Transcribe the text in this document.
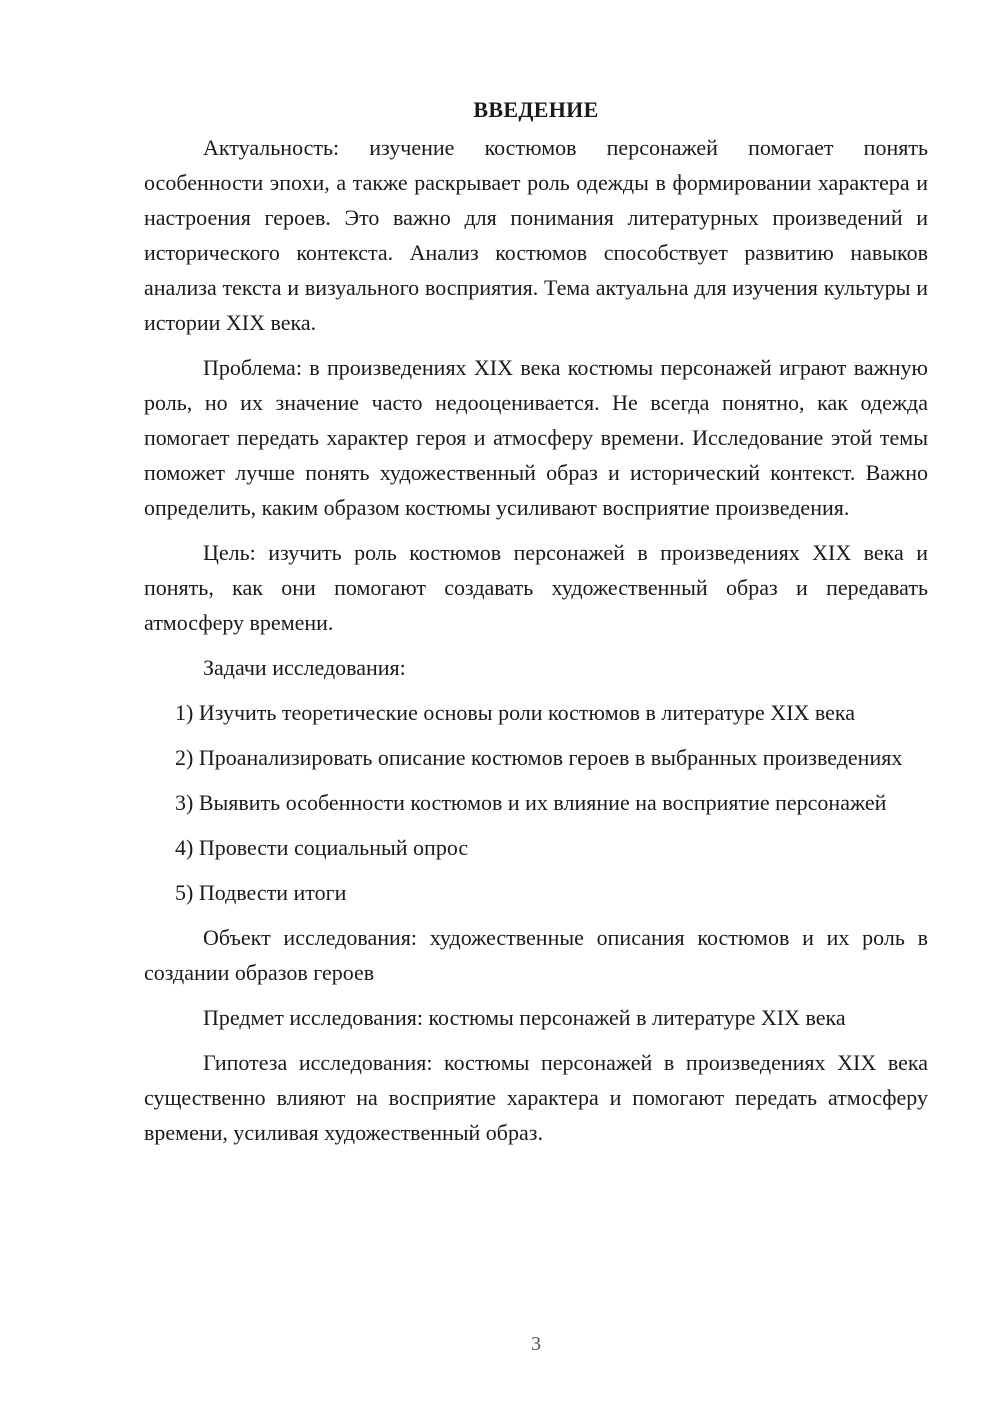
ВВЕДЕНИЕ

Актуальность: изучение костюмов персонажей помогает понять особенности эпохи, а также раскрывает роль одежды в формировании характера и настроения героев. Это важно для понимания литературных произведений и исторического контекста. Анализ костюмов способствует развитию навыков анализа текста и визуального восприятия. Тема актуальна для изучения культуры и истории XIX века.

Проблема: в произведениях XIX века костюмы персонажей играют важную роль, но их значение часто недооценивается. Не всегда понятно, как одежда помогает передать характер героя и атмосферу времени. Исследование этой темы поможет лучше понять художественный образ и исторический контекст. Важно определить, каким образом костюмы усиливают восприятие произведения.

Цель: изучить роль костюмов персонажей в произведениях XIX века и понять, как они помогают создавать художественный образ и передавать атмосферу времени.

Задачи исследования:

1) Изучить теоретические основы роли костюмов в литературе XIX века

2) Проанализировать описание костюмов героев в выбранных произведениях

3) Выявить особенности костюмов и их влияние на восприятие персонажей

4) Провести социальный опрос

5) Подвести итоги

Объект исследования: художественные описания костюмов и их роль в создании образов героев

Предмет исследования: костюмы персонажей в литературе XIX века

Гипотеза исследования: костюмы персонажей в произведениях XIX века существенно влияют на восприятие характера и помогают передать атмосферу времени, усиливая художественный образ.

3
